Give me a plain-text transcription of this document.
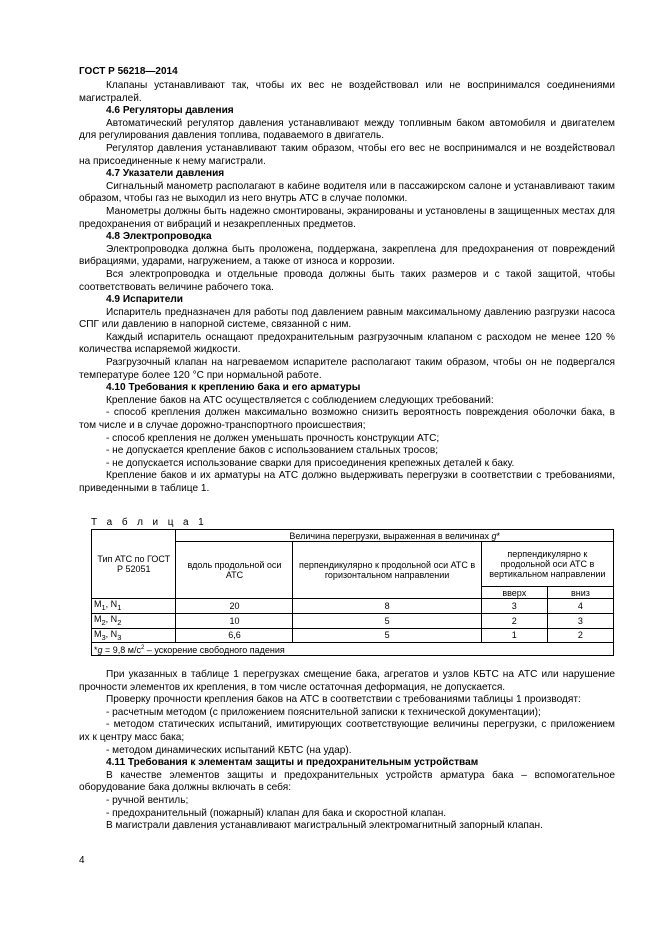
ГОСТ Р 56218—2014

Клапаны устанавливают так, чтобы их вес не воздействовал или не воспринимался соединениями магистралей.

4.6 Регуляторы давления

Автоматический регулятор давления устанавливают между топливным баком автомобиля и двигателем для регулирования давления топлива, подаваемого в двигатель.

Регулятор давления устанавливают таким образом, чтобы его вес не воспринимался и не воздействовал на присоединенные к нему магистрали.

4.7 Указатели давления

Сигнальный манометр располагают в кабине водителя или в пассажирском салоне и устанавливают таким образом, чтобы газ не выходил из него внутрь АТС в случае поломки.

Манометры должны быть надежно смонтированы, экранированы и установлены в защищенных местах для предохранения от вибраций и незакрепленных предметов.

4.8 Электропроводка

Электропроводка должна быть проложена, поддержана, закреплена для предохранения от повреждений вибрациями, ударами, нагружением, а также от износа и коррозии.

Вся электропроводка и отдельные провода должны быть таких размеров и с такой защитой, чтобы соответствовать величине рабочего тока.

4.9 Испарители

Испаритель предназначен для работы под давлением равным максимальному давлению разгрузки насоса СПГ или давлению в напорной системе, связанной с ним.

Каждый испаритель оснащают предохранительным разгрузочным клапаном с расходом не менее 120 % количества испаряемой жидкости.

Разгрузочный клапан на нагреваемом испарителе располагают таким образом, чтобы он не подвергался температуре более 120 °С при нормальной работе.

4.10 Требования к креплению бака и его арматуры

Крепление баков на АТС осуществляется с соблюдением следующих требований:

- способ крепления должен максимально возможно снизить вероятность повреждения оболочки бака, в том числе и в случае дорожно-транспортного происшествия;

- способ крепления не должен уменьшать прочность конструкции АТС;

- не допускается крепление баков с использованием стальных тросов;

- не допускается использование сварки для присоединения крепежных деталей к баку.

Крепление баков и их арматуры на АТС должно выдерживать перегрузки в соответствии с требованиями, приведенными в таблице 1.

Т а б л и ц а 1
Тип АТС по ГОСТ Р 52051	Величина перегрузки, выраженная в величинах g*			
	вдоль продольной оси АТС	перпендикулярно к продольной оси АТС в горизонтальном направлении	перпендикулярно к продольной оси АТС в вертикальном направлении	
			вверх	вниз
$M_1$, $N_1$	20	8	3	4
$M_2$, $N_2$	10	5	2	3
$M_3$, $N_3$	6,6	5	1	2
*g = 9,8 $м/с^2$ – ускорение свободного падения				

При указанных в таблице 1 перегрузках смещение бака, агрегатов и узлов КБТС на АТС или нарушение прочности элементов их крепления, в том числе остаточная деформация, не допускается.

Проверку прочности крепления баков на АТС в соответствии с требованиями таблицы 1 производят:

- расчетным методом (с приложением пояснительной записки к технической документации);

- методом статических испытаний, имитирующих соответствующие величины перегрузки, с приложением их к центру масс бака;

- методом динамических испытаний КБТС (на удар).

4.11 Требования к элементам защиты и предохранительным устройствам

В качестве элементов защиты и предохранительных устройств арматура бака – вспомогательное оборудование бака должны включать в себя:

- ручной вентиль;

- предохранительный (пожарный) клапан для бака и скоростной клапан.

В магистрали давления устанавливают магистральный электромагнитный запорный клапан.

4
